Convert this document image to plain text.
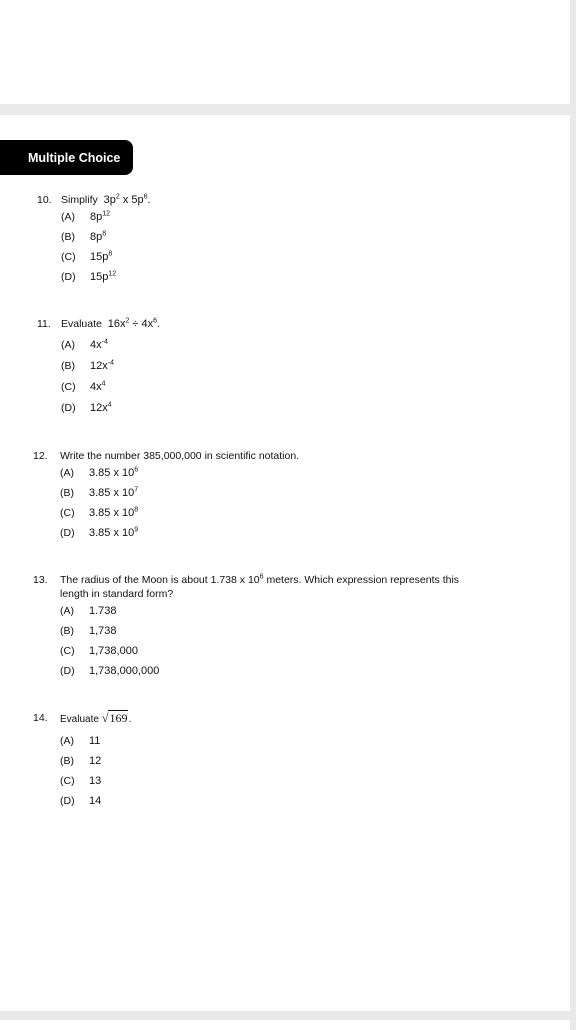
Multiple Choice
10. Simplify $3p^2$ x $5p^6$.
(A)	$8p^{12}$
(B)	$8p^8$
(C)	$15p^8$
(D)	$15p^{12}$
11. Evaluate $16x^2 \div 4x^6$.
(A)	$4x^{-4}$
(B)	$12x^{-4}$
(C)	$4x^4$
(D)	$12x^4$
12.	Write the number 385,000,000 in scientific notation.
(A)	3.85 x $10^6$
(B)	3.85 x $10^7$
(C)	3.85 x $10^8$
(D)	3.85 x $10^9$
13.	The radius of the Moon is about 1.738 x $10^6$ meters. Which expression represents this length in standard form?
(A)	1.738
(B)	1,738
(C)	1,738,000
(D)	1,738,000,000
14.	Evaluate √169.
(A)	11
(B)	12
(C)	13
(D)	14
